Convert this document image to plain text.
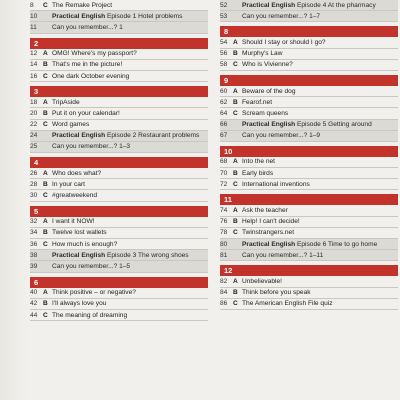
8	C The Remake Project
10	Practical English Episode 1 Hotel problems
11	Can you remember...? 1
2
12 A OMG! Where's my passport?
14 B That's me in the picture!
16 C One dark October evening
3
18 A TripAside
20 B Put it on your calendar!
22 C Word games
24	Practical English Episode 2 Restaurant problems
25	Can you remember...? 1–3
4
26 A Who does what?
28 B In your cart
30 C #greatweekend
5
32 A I want it NOW!
34 B Twelve lost wallets
36 C How much is enough?
38	Practical English Episode 3 The wrong shoes
39	Can you remember...? 1–5
6
40 A Think positive – or negative?
42 B I'll always love you
44 C The meaning of dreaming
52	Practical English Episode 4 At the pharmacy
53	Can you remember...? 1–7
8
54 A Should I stay or should I go?
56 B Murphy's Law
58 C Who is Vivienne?
9
60 A Beware of the dog
62 B Fearof.net
64 C Scream queens
66	Practical English Episode 5 Getting around
67	Can you remember...? 1–9
10
68 A Into the net
70 B Early birds
72 C International inventions
11
74 A Ask the teacher
76 B Help! I can't decide!
78 C Twinstrangers.net
80	Practical English Episode 6 Time to go home
81	Can you remember...? 1–11
12
82 A Unbelievable!
84 B Think before you speak
86 C The American English File quiz
